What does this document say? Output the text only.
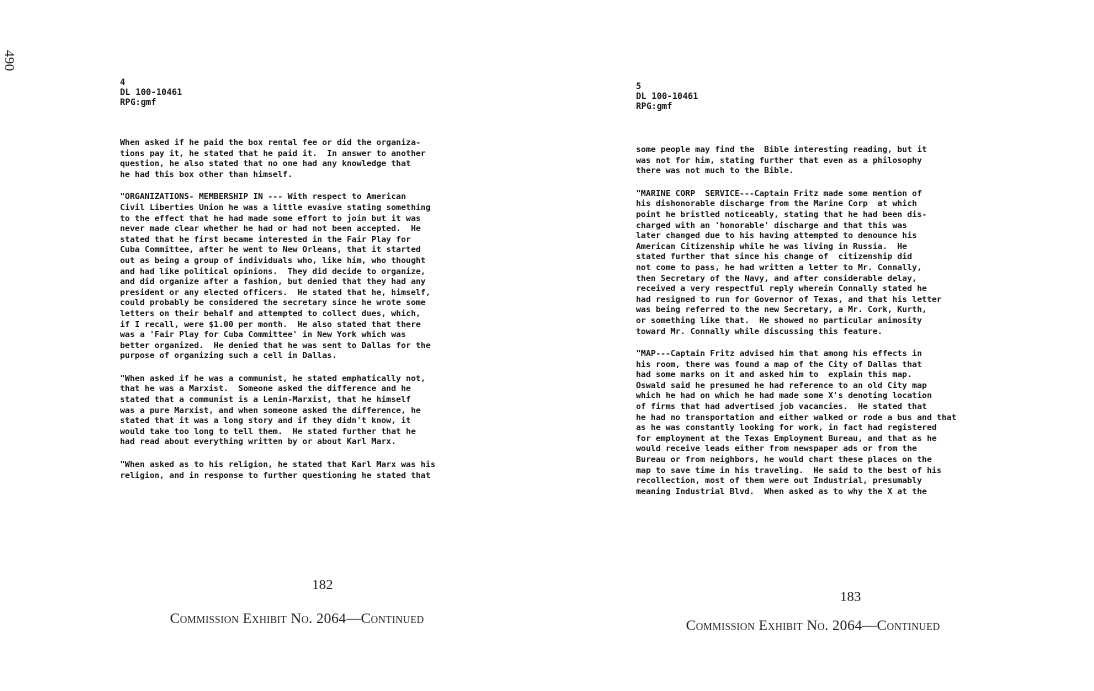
490

4

DL 100-10461

RPG:gmf

When asked if he paid the box rental fee or did the organiza-
tions pay it, he stated that he paid it.  In answer to another
question, he also stated that no one had any knowledge that
he had this box other than himself.

"ORGANIZATIONS- MEMBERSHIP IN --- With respect to American
Civil Liberties Union he was a little evasive stating something
to the effect that he had made some effort to join but it was
never made clear whether he had or had not been accepted.  He
stated that he first became interested in the Fair Play for
Cuba Committee, after he went to New Orleans, that it started
out as being a group of individuals who, like him, who thought
and had like political opinions.  They did decide to organize,
and did organize after a fashion, but denied that they had any
president or any elected officers.  He stated that he, himself,
could probably be considered the secretary since he wrote some
letters on their behalf and attempted to collect dues, which,
if I recall, were $1.00 per month.  He also stated that there
was a 'Fair Play for Cuba Committee' in New York which was
better organized.  He denied that he was sent to Dallas for the
purpose of organizing such a cell in Dallas.

"When asked if he was a communist, he stated emphatically not,
that he was a Marxist.  Someone asked the difference and he
stated that a communist is a Lenin-Marxist, that he himself
was a pure Marxist, and when someone asked the difference, he
stated that it was a long story and if they didn't know, it
would take too long to tell them.  He stated further that he
had read about everything written by or about Karl Marx.

"When asked as to his religion, he stated that Karl Marx was his
religion, and in response to further questioning he stated that

182
Commission Exhibit No. 2064—Continued

5

DL 100-10461

RPG:gmf

some people may find the  Bible interesting reading, but it
was not for him, stating further that even as a philosophy
there was not much to the Bible.

"MARINE CORP  SERVICE---Captain Fritz made some mention of
his dishonorable discharge from the Marine Corp  at which
point he bristled noticeably, stating that he had been dis-
charged with an 'honorable' discharge and that this was
later changed due to his having attempted to denounce his
American Citizenship while he was living in Russia.  He
stated further that since his change of  citizenship did
not come to pass, he had written a letter to Mr. Connally,
then Secretary of the Navy, and after considerable delay,
received a very respectful reply wherein Connally stated he
had resigned to run for Governor of Texas, and that his letter
was being referred to the new Secretary, a Mr. Cork, Kurth,
or something like that.  He showed no particular animosity
toward Mr. Connally while discussing this feature.

"MAP---Captain Fritz advised him that among his effects in
his room, there was found a map of the City of Dallas that
had some marks on it and asked him to  explain this map.
Oswald said he presumed he had reference to an old City map
which he had on which he had made some X's denoting location
of firms that had advertised job vacancies.  He stated that
he had no transportation and either walked or rode a bus and that
as he was constantly looking for work, in fact had registered
for employment at the Texas Employment Bureau, and that as he
would receive leads either from newspaper ads or from the
Bureau or from neighbors, he would chart these places on the
map to save time in his traveling.  He said to the best of his
recollection, most of them were out Industrial, presumably
meaning Industrial Blvd.  When asked as to why the X at the

183
Commission Exhibit No. 2064—Continued
